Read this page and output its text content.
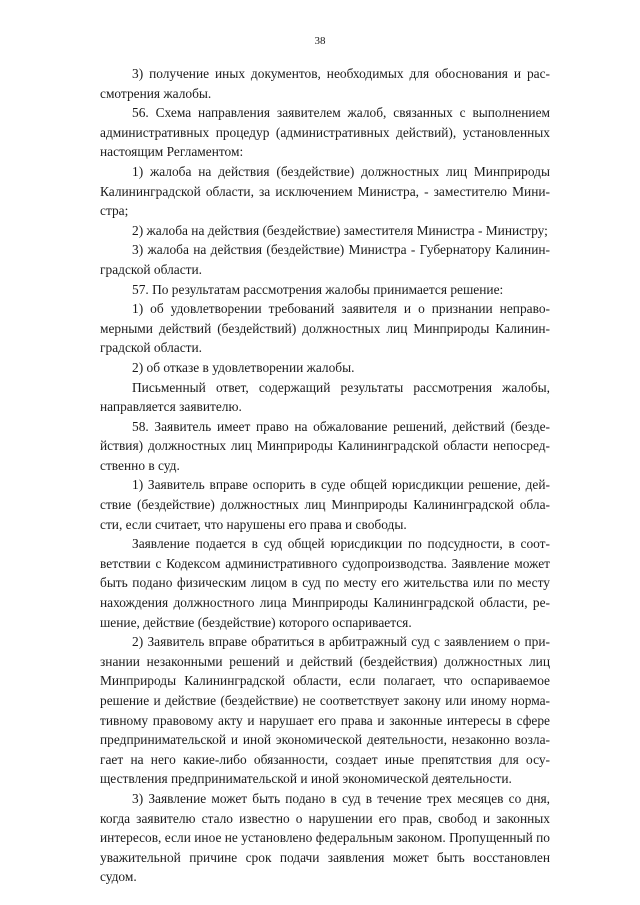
38

3) получение иных документов, необходимых для обоснования и рассмотрения жалобы.

56. Схема направления заявителем жалоб, связанных с выполнением административных процедур (административных действий), установленных настоящим Регламентом:

1) жалоба на действия (бездействие) должностных лиц Минприроды Калининградской области, за исключением Министра, - заместителю Министра;

2) жалоба на действия (бездействие) заместителя Министра - Министру;

3) жалоба на действия (бездействие) Министра - Губернатору Калининградской области.

57. По результатам рассмотрения жалобы принимается решение:

1) об удовлетворении требований заявителя и о признании неправомерными действий (бездействий) должностных лиц Минприроды Калининградской области.

2) об отказе в удовлетворении жалобы.

Письменный ответ, содержащий результаты рассмотрения жалобы, направляется заявителю.

58. Заявитель имеет право на обжалование решений, действий (бездействия) должностных лиц Минприроды Калининградской области непосредственно в суд.

1) Заявитель вправе оспорить в суде общей юрисдикции решение, действие (бездействие) должностных лиц Минприроды Калининградской области, если считает, что нарушены его права и свободы.

Заявление подается в суд общей юрисдикции по подсудности, в соответствии с Кодексом административного судопроизводства. Заявление может быть подано физическим лицом в суд по месту его жительства или по месту нахождения должностного лица Минприроды Калининградской области, решение, действие (бездействие) которого оспаривается.

2) Заявитель вправе обратиться в арбитражный суд с заявлением о признании незаконными решений и действий (бездействия) должностных лиц Минприроды Калининградской области, если полагает, что оспариваемое решение и действие (бездействие) не соответствует закону или иному нормативному правовому акту и нарушает его права и законные интересы в сфере предпринимательской и иной экономической деятельности, незаконно возлагает на него какие-либо обязанности, создает иные препятствия для осуществления предпринимательской и иной экономической деятельности.

3) Заявление может быть подано в суд в течение трех месяцев со дня, когда заявителю стало известно о нарушении его прав, свобод и законных интересов, если иное не установлено федеральным законом. Пропущенный по уважительной причине срок подачи заявления может быть восстановлен судом.
